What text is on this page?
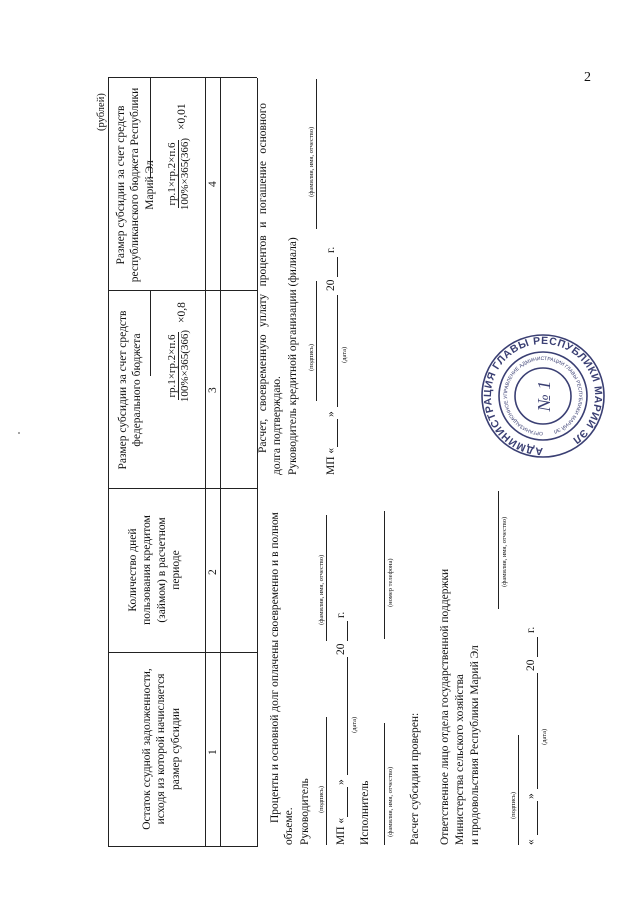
2
(рублей)
Остаток ссудной задолженности, исходя из которой начисляется размер субсидии
Количество дней пользования кредитом (займом) в расчетном периоде
Размер субсидии за счет средств федерального бюджета
Размер субсидии за счет средств республиканского бюджета Республики Марий Эл
гр.1×гр.2×п.6 100%×365(366)
×0,8
гр.1×гр.2×п.6 100%×365(366)
×0,01
1
2
3
4
Проценты и основной долг оплачены своевременно и в полном объеме. Руководитель (подпись)
(фамилия, имя, отчество)
МП «
»
(дата)
20
г.
Исполнитель (фамилия, имя, отчество)
(номер телефона)
Расчет, своевременную уплату процентов и погашение основного долга подтверждаю. Руководитель кредитной организации (филиала) (подпись)
(фамилия, имя, отчество)
МП «
»
(дата)
20
г.
Расчет субсидии проверен: Ответственное лицо отдела государственной поддержки Министерства сельского хозяйства и продовольствия Республики Марий Эл
(фамилия, имя, отчество)
(подпись)
«
»
(дата)
20
г.
АДМИНИСТРАЦИЯ ГЛАВЫ РЕСПУБЛИКИ МАРИЙ ЭЛ
ОРГАНИЗАЦИОННОЕ УПРАВЛЕНИЕ АДМИНИСТРАЦИИ ГЛАВЫ РЕСПУБЛИКИ МАРИЙ ЭЛ
№ 1
